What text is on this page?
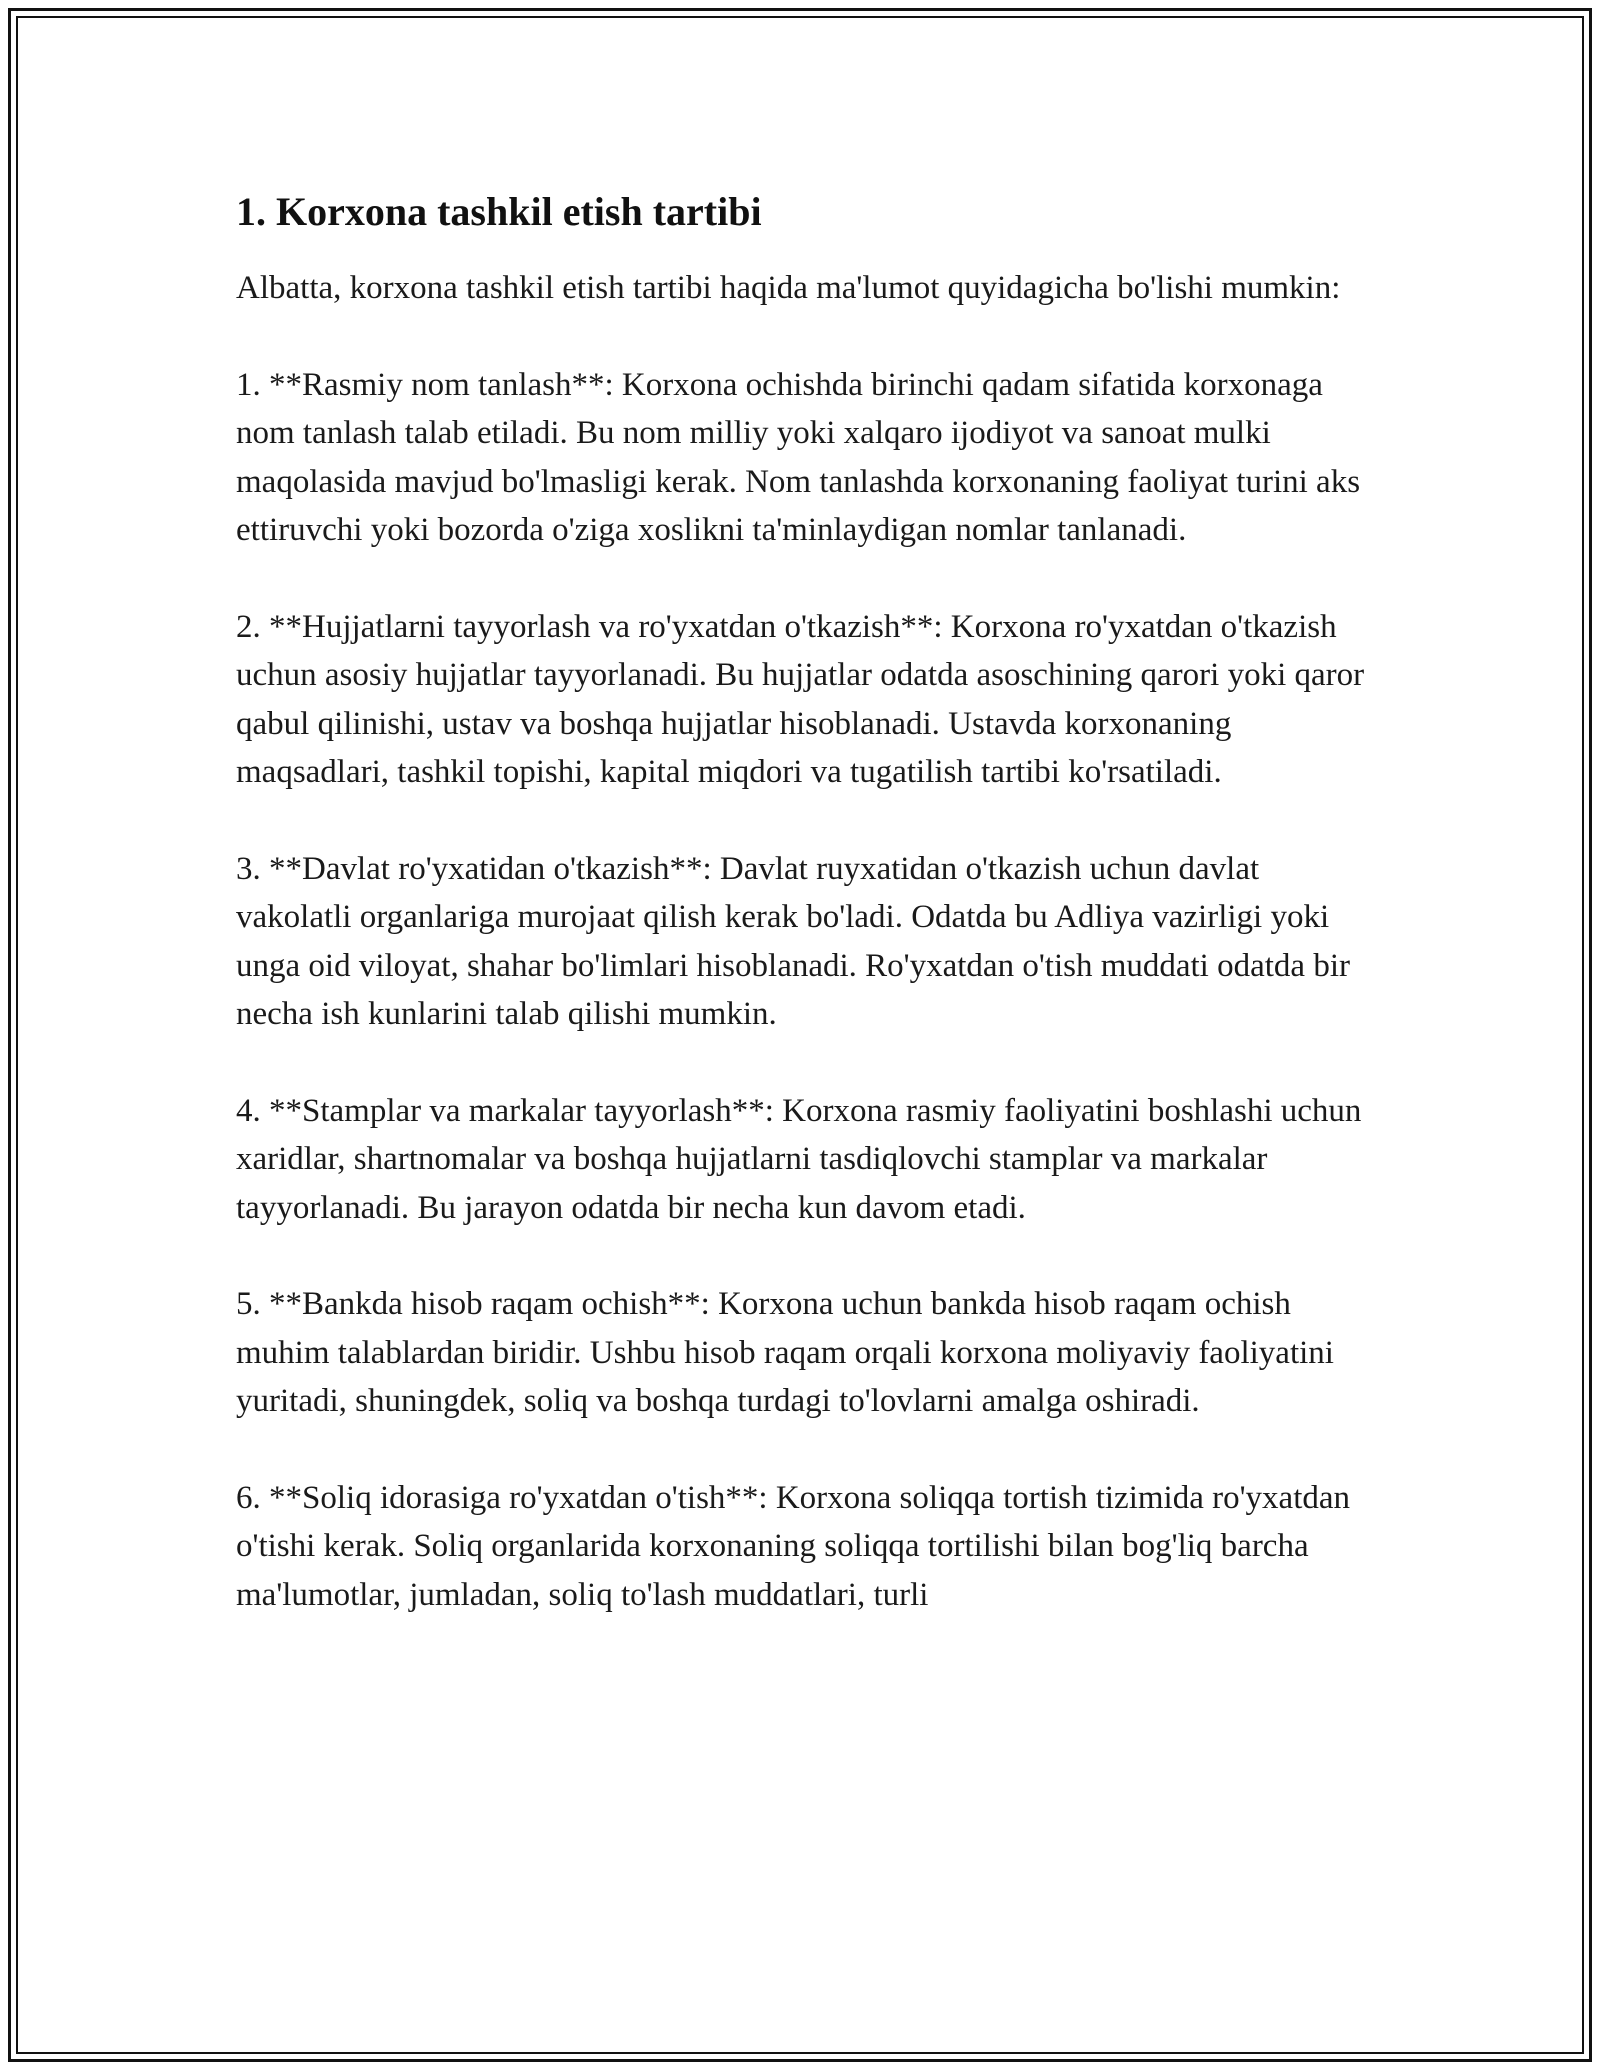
1. Korxona tashkil etish tartibi

Albatta, korxona tashkil etish tartibi haqida ma'lumot quyidagicha bo'lishi mumkin:

1. **Rasmiy nom tanlash**: Korxona ochishda birinchi qadam sifatida korxonaga nom tanlash talab etiladi. Bu nom milliy yoki xalqaro ijodiyot va sanoat mulki maqolasida mavjud bo'lmasligi kerak. Nom tanlashda korxonaning faoliyat turini aks ettiruvchi yoki bozorda o'ziga xoslikni ta'minlaydigan nomlar tanlanadi.

2. **Hujjatlarni tayyorlash va ro'yxatdan o'tkazish**: Korxona ro'yxatdan o'tkazish uchun asosiy hujjatlar tayyorlanadi. Bu hujjatlar odatda asoschining qarori yoki qaror qabul qilinishi, ustav va boshqa hujjatlar hisoblanadi. Ustavda korxonaning maqsadlari, tashkil topishi, kapital miqdori va tugatilish tartibi ko'rsatiladi.

3. **Davlat ro'yxatidan o'tkazish**: Davlat ruyxatidan o'tkazish uchun davlat vakolatli organlariga murojaat qilish kerak bo'ladi. Odatda bu Adliya vazirligi yoki unga oid viloyat, shahar bo'limlari hisoblanadi. Ro'yxatdan o'tish muddati odatda bir necha ish kunlarini talab qilishi mumkin.

4. **Stamplar va markalar tayyorlash**: Korxona rasmiy faoliyatini boshlashi uchun xaridlar, shartnomalar va boshqa hujjatlarni tasdiqlovchi stamplar va markalar tayyorlanadi. Bu jarayon odatda bir necha kun davom etadi.

5. **Bankda hisob raqam ochish**: Korxona uchun bankda hisob raqam ochish muhim talablardan biridir. Ushbu hisob raqam orqali korxona moliyaviy faoliyatini yuritadi, shuningdek, soliq va boshqa turdagi to'lovlarni amalga oshiradi.

6. **Soliq idorasiga ro'yxatdan o'tish**: Korxona soliqqa tortish tizimida ro'yxatdan o'tishi kerak. Soliq organlarida korxonaning soliqqa tortilishi bilan bog'liq barcha ma'lumotlar, jumladan, soliq to'lash muddatlari, turli
